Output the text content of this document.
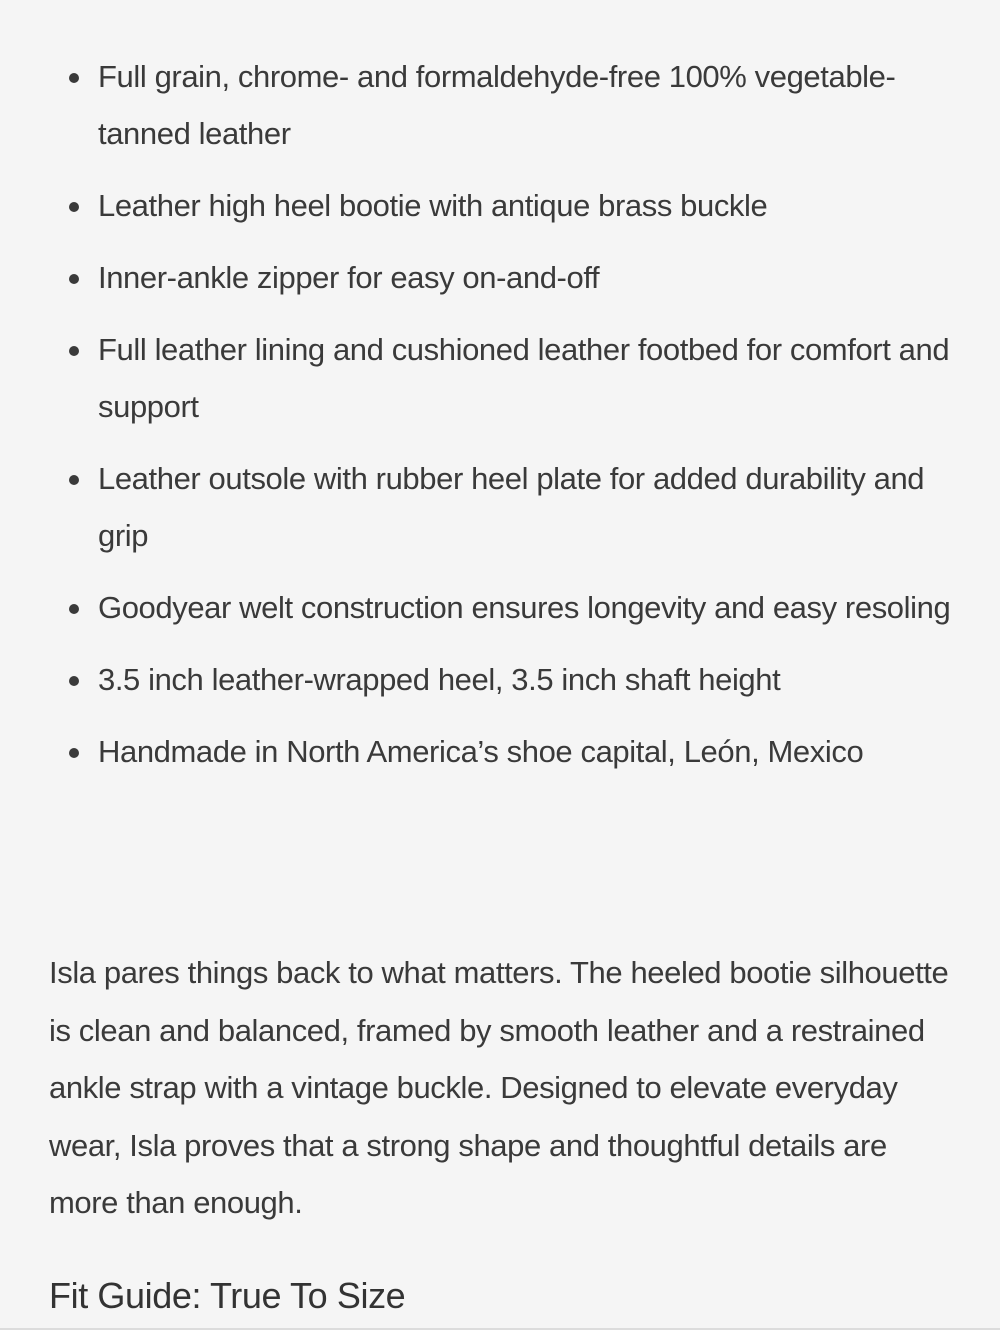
Full grain, chrome- and formaldehyde-free 100% vegetable-tanned leather
Leather high heel bootie with antique brass buckle
Inner-ankle zipper for easy on-and-off
Full leather lining and cushioned leather footbed for comfort and support
Leather outsole with rubber heel plate for added durability and grip
Goodyear welt construction ensures longevity and easy resoling
3.5 inch leather-wrapped heel, 3.5 inch shaft height
Handmade in North America’s shoe capital, León, Mexico

Isla pares things back to what matters. The heeled bootie silhouette is clean and balanced, framed by smooth leather and a restrained ankle strap with a vintage buckle. Designed to elevate everyday wear, Isla proves that a strong shape and thoughtful details are more than enough.

Fit Guide: True To Size
